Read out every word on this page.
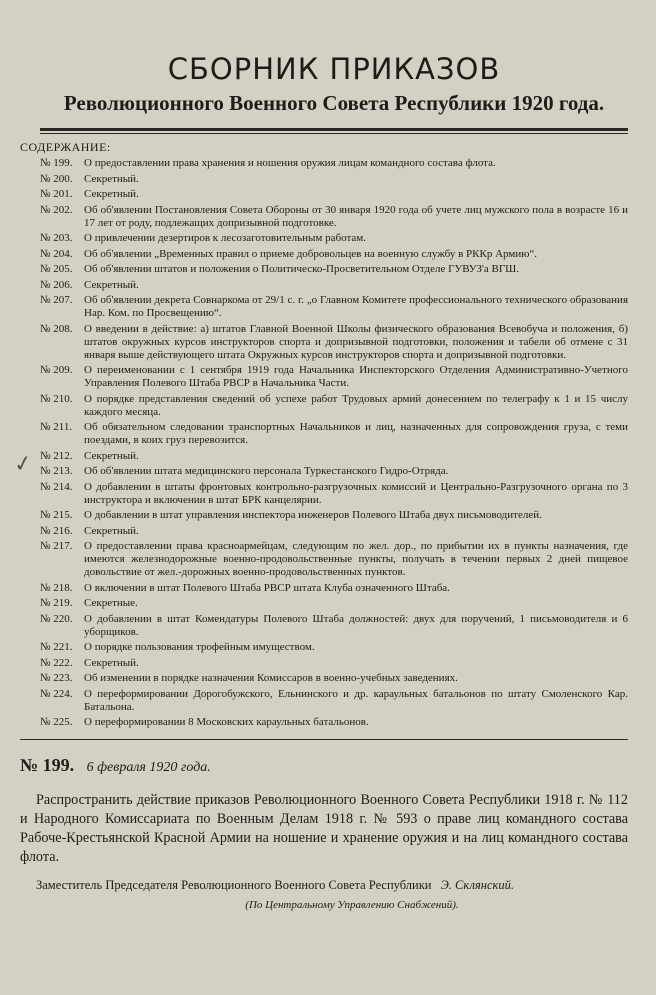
СБОРНИК ПРИКАЗОВ
Революционного Военного Совета Республики 1920 года.
СОДЕРЖАНИЕ:
№ 199.	О предоставлении права хранения и ношения оружия лицам командного состава флота.
№ 200.	Секретный.
№ 201.	Секретный.
№ 202.	Об об'явлении Постановления Совета Обороны от 30 января 1920 года об учете лиц мужского пола в возрасте 16 и 17 лет от роду, подлежащих допризывной подготовке.
№ 203.	О привлечении дезертиров к лесозаготовительным работам.
№ 204.	Об об'явлении „Временных правил о приеме добровольцев на военную службу в РККр Армию“.
№ 205.	Об об'явлении штатов и положения о Политическо-Просветительном Отделе ГУВУЗ'а ВГШ.
№ 206.	Секретный.
№ 207.	Об об'явлении декрета Совнаркома от 29/1 с. г. „о Главном Комитете профессионального технического образования Нар. Ком. по Просвещению“.
№ 208.	О введении в действие: а) штатов Главной Военной Школы физического образования Всевобуча и положения, б) штатов окружных курсов инструкторов спорта и допризывной подготовки, положения и табели об отмене с 31 января выше действующего штата Окружных курсов инструкторов спорта и допризывной подготовки.
№ 209.	О переименовании с 1 сентября 1919 года Начальника Инспекторского Отделения Административно-Учетного Управления Полевого Штаба РВСР в Начальника Части.
№ 210.	О порядке представления сведений об успехе работ Трудовых армий донесением по телеграфу к 1 и 15 числу каждого месяца.
№ 211.	Об обязательном следовании транспортных Начальников и лиц, назначенных для сопровождения груза, с теми поездами, в коих груз перевозится.
№ 212.	Секретный.
№ 213.	Об об'явлении штата медицинского персонала Туркестанского Гидро-Отряда.
№ 214.	О добавлении в штаты фронтовых контрольно-разгрузочных комиссий и Центрально-Разгрузочного органа по 3 инструктора и включении в штат БРК канцелярии.
№ 215.	О добавлении в штат управления инспектора инженеров Полевого Штаба двух письмоводителей.
№ 216.	Секретный.
№ 217.	О предоставлении права красноармейцам, следующим по жел. дор., по прибытии их в пункты назначения, где имеются железнодорожные военно-продовольственные пункты, получать в течении первых 2 дней пищевое довольствие от жел.-дорожных военно-продовольственных пунктов.
№ 218.	О включении в штат Полевого Штаба РВСР штата Клуба означенного Штаба.
№ 219.	Секретные.
№ 220.	О добавлении в штат Комендатуры Полевого Штаба должностей: двух для поручений, 1 письмоводителя и 6 уборщиков.
№ 221.	О порядке пользования трофейным имуществом.
№ 222.	Секретный.
№ 223.	Об изменении в порядке назначения Комиссаров в военно-учебных заведениях.
№ 224.	О переформировании Дорогобужского, Ельнинского и др. караульных батальонов по штату Смоленского Кар. Батальона.
№ 225.	О переформировании 8 Московских караульных батальонов.
✓
№ 199. 6 февраля 1920 года.

Распространить действие приказов Революционного Военного Совета Республики 1918 г. № 112 и Народного Комиссариата по Военным Делам 1918 г. № 593 о праве лиц командного состава Рабоче-Крестьянской Красной Армии на ношение и хранение оружия и на лиц командного состава флота.

Заместитель Председателя Революционного Военного Совета Республики Э. Склянский.
(По Центральному Управлению Снабжений).
